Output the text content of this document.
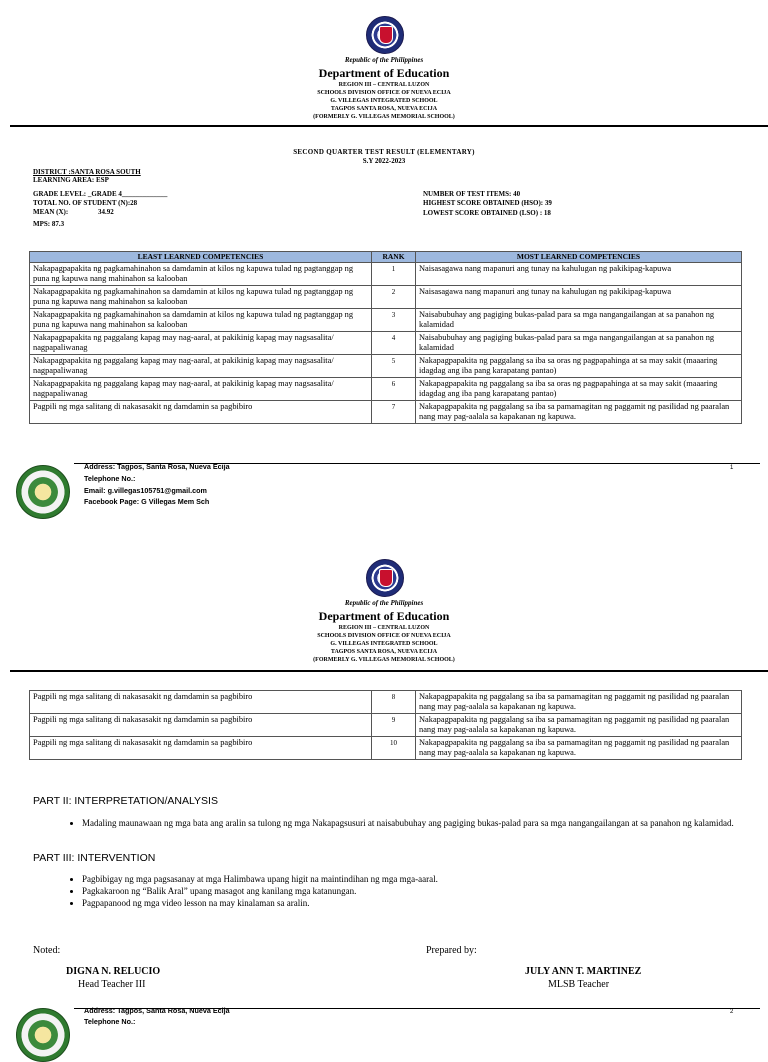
Republic of the Philippines
Department of Education
REGION III – CENTRAL LUZON
SCHOOLS DIVISION OFFICE OF NUEVA ECIJA
G. VILLEGAS INTEGRATED SCHOOL
TAGPOS SANTA ROSA, NUEVA ECIJA
(FORMERLY G. VILLEGAS MEMORIAL SCHOOL)
SECOND QUARTER TEST RESULT (ELEMENTARY)
S.Y 2022-2023
DISTRICT :SANTA ROSA SOUTH
LEARNING AREA: ESP
GRADE LEVEL: _GRADE 4_____________
TOTAL NO. OF STUDENT (N):28
MEAN (X):	34.92
MPS: 87.3
NUMBER OF TEST ITEMS: 40
HIGHEST SCORE OBTAINED (HSO): 39
LOWEST SCORE OBTAINED (LSO) : 18
LEAST LEARNED COMPETENCIES	RANK	MOST LEARNED COMPETENCIES
Nakapagpapakita ng pagkamahinahon sa damdamin at kilos ng kapuwa tulad ng pagtanggap ng puna ng kapuwa nang mahinahon sa kalooban	1	Naisasagawa nang mapanuri ang tunay na kahulugan ng pakikipag-kapuwa
Nakapagpapakita ng pagkamahinahon sa damdamin at kilos ng kapuwa tulad ng pagtanggap ng puna ng kapuwa nang mahinahon sa kalooban	2	Naisasagawa nang mapanuri ang tunay na kahulugan ng pakikipag-kapuwa
Nakapagpapakita ng pagkamahinahon sa damdamin at kilos ng kapuwa tulad ng pagtanggap ng puna ng kapuwa nang mahinahon sa kalooban	3	Naisabubuhay ang pagiging bukas-palad para sa mga nangangailangan at sa panahon ng kalamidad
Nakapagpapakita ng paggalang kapag may nag-aaral, at pakikinig kapag may nagsasalita/ nagpapaliwanag	4	Naisabubuhay ang pagiging bukas-palad para sa mga nangangailangan at sa panahon ng kalamidad
Nakapagpapakita ng paggalang kapag may nag-aaral, at pakikinig kapag may nagsasalita/ nagpapaliwanag	5	Nakapagpapakita ng paggalang sa iba sa oras ng pagpapahinga at sa may sakit (maaaring idagdag ang iba pang karapatang pantao)
Nakapagpapakita ng paggalang kapag may nag-aaral, at pakikinig kapag may nagsasalita/ nagpapaliwanag	6	Nakapagpapakita ng paggalang sa iba sa oras ng pagpapahinga at sa may sakit (maaaring idagdag ang iba pang karapatang pantao)
Pagpili ng mga salitang di nakasasakit ng damdamin sa pagbibiro	7	Nakapagpapakita ng paggalang sa iba sa pamamagitan ng paggamit ng pasilidad ng paaralan nang may pag-aalala sa kapakanan ng kapuwa.
Address: Tagpos, Santa Rosa, Nueva Ecija
Telephone No.:
Email: g.villegas105751@gmail.com
Facebook Page: G Villegas Mem Sch
1
Republic of the Philippines
Department of Education
REGION III – CENTRAL LUZON
SCHOOLS DIVISION OFFICE OF NUEVA ECIJA
G. VILLEGAS INTEGRATED SCHOOL
TAGPOS SANTA ROSA, NUEVA ECIJA
(FORMERLY G. VILLEGAS MEMORIAL SCHOOL)
Pagpili ng mga salitang di nakasasakit ng damdamin sa pagbibiro	8	Nakapagpapakita ng paggalang sa iba sa pamamagitan ng paggamit ng pasilidad ng paaralan nang may pag-aalala sa kapakanan ng kapuwa.
Pagpili ng mga salitang di nakasasakit ng damdamin sa pagbibiro	9	Nakapagpapakita ng paggalang sa iba sa pamamagitan ng paggamit ng pasilidad ng paaralan nang may pag-aalala sa kapakanan ng kapuwa.
Pagpili ng mga salitang di nakasasakit ng damdamin sa pagbibiro	10	Nakapagpapakita ng paggalang sa iba sa pamamagitan ng paggamit ng pasilidad ng paaralan nang may pag-aalala sa kapakanan ng kapuwa.
PART II: INTERPRETATION/ANALYSIS
• Madaling maunawaan ng mga bata ang aralin sa tulong ng mga Nakapagsusuri at naisabubuhay ang pagiging bukas-palad para sa mga nangangailangan at sa panahon ng kalamidad.
PART III: INTERVENTION
• Pagbibigay ng mga pagsasanay at mga Halimbawa upang higit na maintindihan ng mga mga-aaral.
• Pagkakaroon ng “Balik Aral” upang masagot ang kanilang mga katanungan.
• Pagpapanood ng mga video lesson na may kinalaman sa aralin.
Noted:	Prepared by:
DIGNA N. RELUCIO
Head Teacher III
JULY ANN T. MARTINEZ
MLSB Teacher
Address: Tagpos, Santa Rosa, Nueva Ecija
Telephone No.:
2
